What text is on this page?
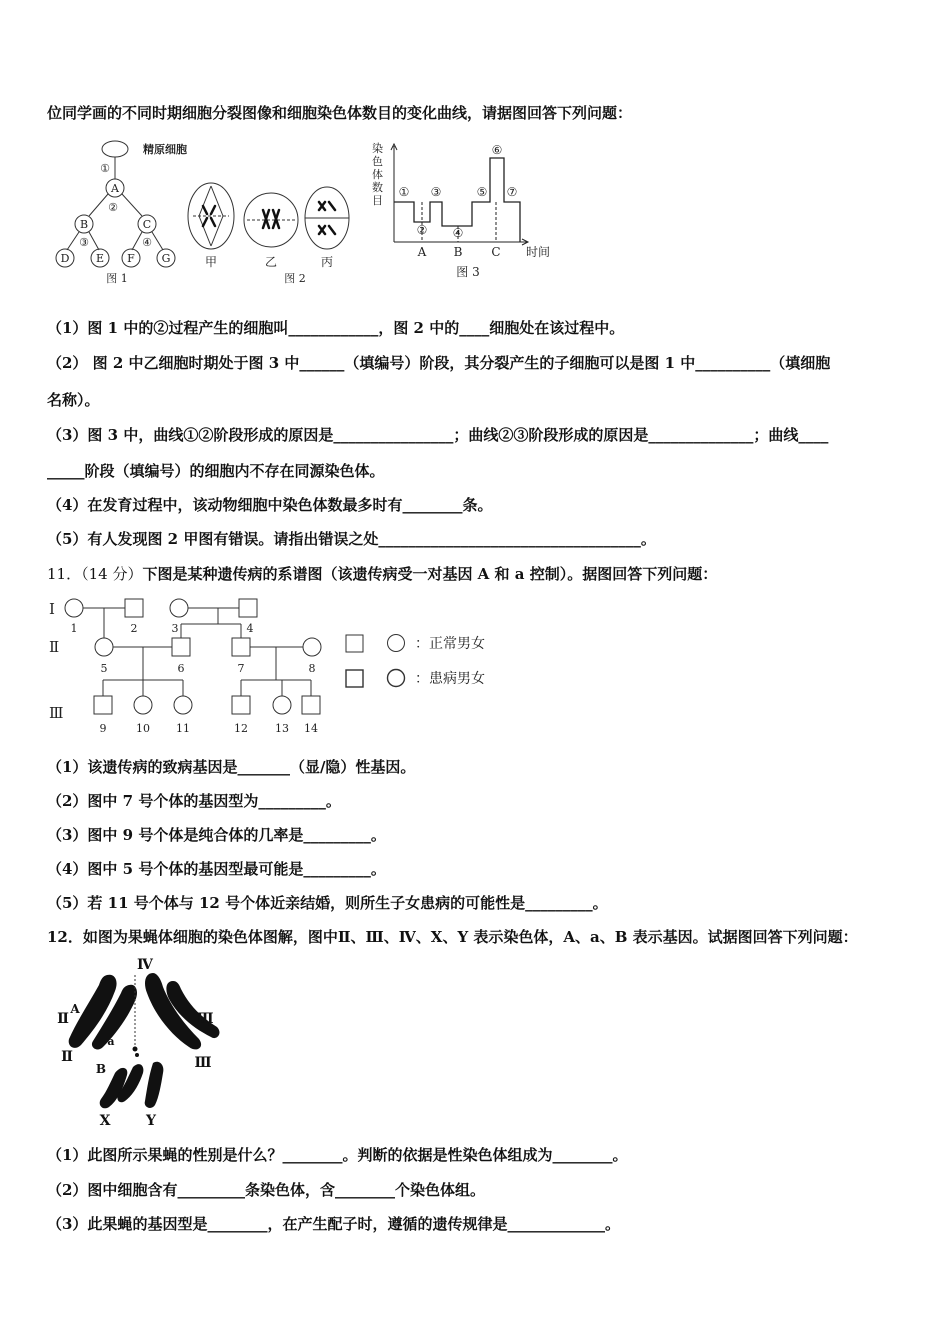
位同学画的不同时期细胞分裂图像和细胞染色体数目的变化曲线，请据图回答下列问题：
精原细胞
①
A
②
B	C
③	④
D E F G
图 1
甲	乙	丙
图 2
染
色
体
数
目
①
②
③
④
⑤
⑥
⑦
A B C 时间
图 3
（1）图 1 中的②过程产生的细胞叫____________，图 2 中的____细胞处在该过程中。
（2） 图 2 中乙细胞时期处于图 3 中______（填编号）阶段，其分裂产生的子细胞可以是图 1 中__________（填细胞
名称）。
（3）图 3 中，曲线①②阶段形成的原因是________________；曲线②③阶段形成的原因是______________；曲线____
_____阶段（填编号）的细胞内不存在同源染色体。
（4）在发育过程中，该动物细胞中染色体数最多时有________条。
（5）有人发现图 2 甲图有错误。请指出错误之处___________________________________。
11．（14 分）下图是某种遗传病的系谱图（该遗传病受一对基因 A 和 a 控制）。据图回答下列问题：
Ⅰ
Ⅱ
Ⅲ
1	2	3	4
5	6	7	8
9	10 11	12 13 14
：正常男女
：患病男女
（1）该遗传病的致病基因是_______（显/隐）性基因。
（2）图中 7 号个体的基因型为_________。
（3）图中 9 号个体是纯合体的几率是_________。
（4）图中 5 号个体的基因型最可能是_________。
（5）若 11 号个体与 12 号个体近亲结婚，则所生子女患病的可能性是_________。
12．如图为果蝇体细胞的染色体图解，图中Ⅱ、Ⅲ、Ⅳ、X、Y 表示染色体，A、a、B 表示基因。试据图回答下列问题：
Ⅳ
Ⅱ
A
a
Ⅱ
B
Ⅲ
Ⅲ
X	Y
（1）此图所示果蝇的性别是什么？________。判断的依据是性染色体组成为________。
（2）图中细胞含有_________条染色体，含________个染色体组。
（3）此果蝇的基因型是________，在产生配子时，遵循的遗传规律是_____________。
